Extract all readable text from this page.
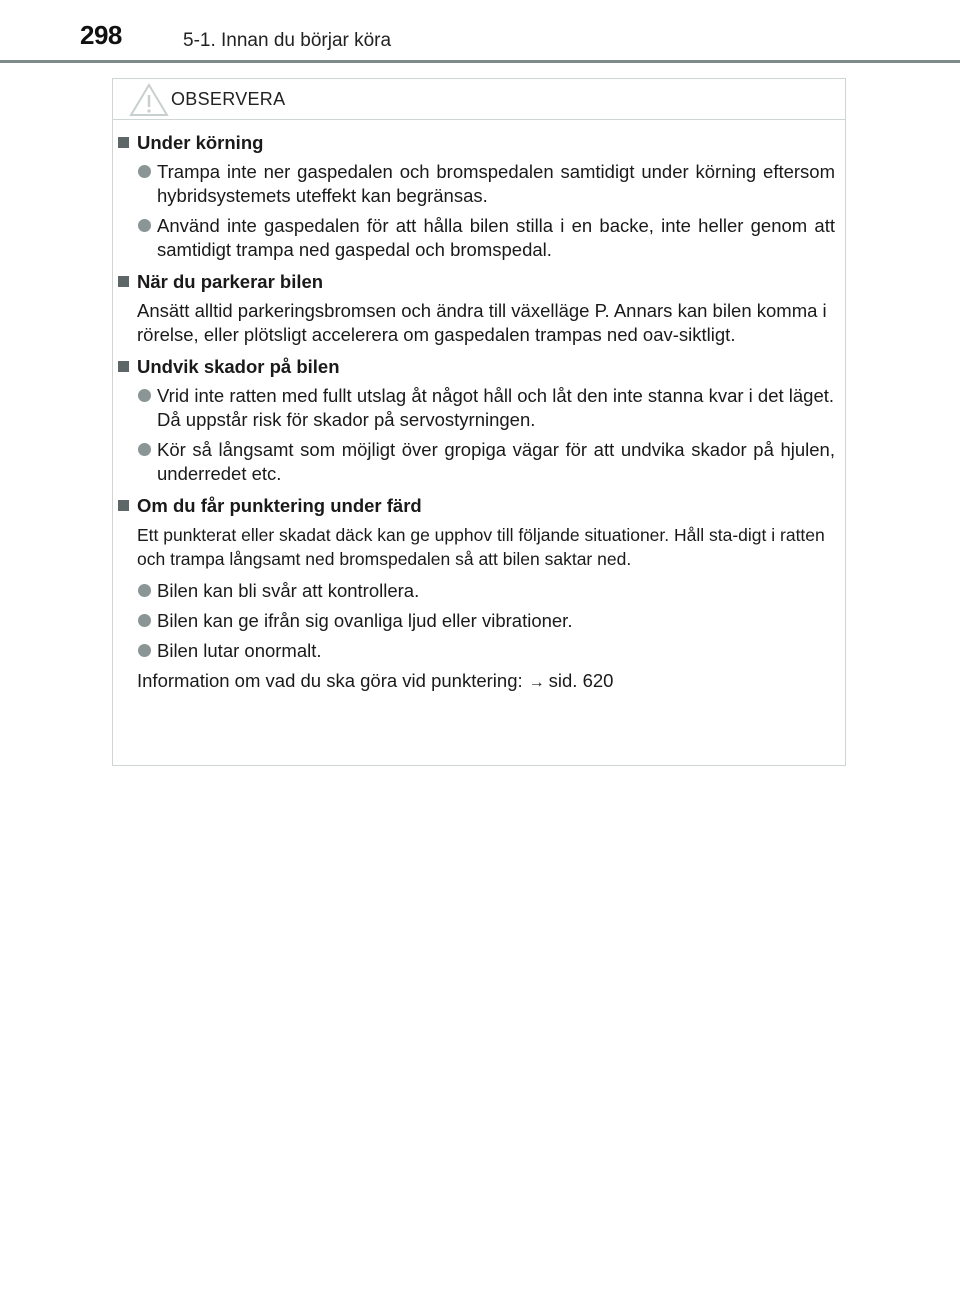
298	5-1. Innan du börjar köra
OBSERVERA
Under körning
Trampa inte ner gaspedalen och bromspedalen samtidigt under körning eftersom hybridsystemets uteffekt kan begränsas.
Använd inte gaspedalen för att hålla bilen stilla i en backe, inte heller genom att samtidigt trampa ned gaspedal och bromspedal.
När du parkerar bilen
Ansätt alltid parkeringsbromsen och ändra till växelläge P. Annars kan bilen komma i rörelse, eller plötsligt accelerera om gaspedalen trampas ned oav-siktligt.
Undvik skador på bilen
Vrid inte ratten med fullt utslag åt något håll och låt den inte stanna kvar i det läget.
Då uppstår risk för skador på servostyrningen.
Kör så långsamt som möjligt över gropiga vägar för att undvika skador på hjulen, underredet etc.
Om du får punktering under färd
Ett punkterat eller skadat däck kan ge upphov till följande situationer. Håll sta-digt i ratten och trampa långsamt ned bromspedalen så att bilen saktar ned.
Bilen kan bli svår att kontrollera.
Bilen kan ge ifrån sig ovanliga ljud eller vibrationer.
Bilen lutar onormalt.
Information om vad du ska göra vid punktering: → sid. 620
